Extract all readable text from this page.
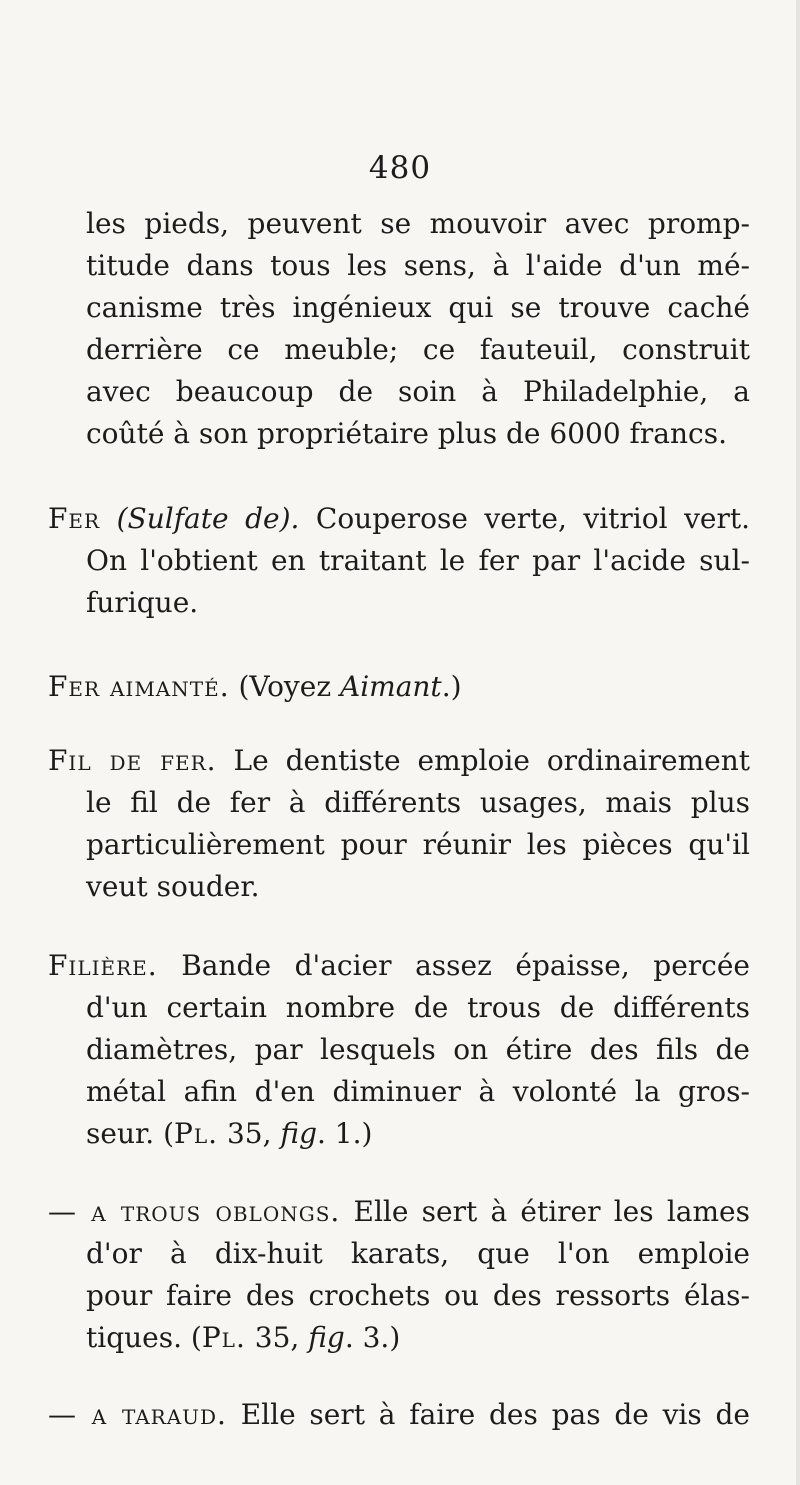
480
les pieds, peuvent se mouvoir avec promp-
titude dans tous les sens, à l'aide d'un mé-
canisme très ingénieux qui se trouve caché
derrière ce meuble; ce fauteuil, construit
avec beaucoup de soin à Philadelphie, a
coûté à son propriétaire plus de 6000 francs.
Fer (Sulfate de). Couperose verte, vitriol vert.
On l'obtient en traitant le fer par l'acide sul-
furique.
Fer aimanté. (Voyez Aimant.)
Fil de fer. Le dentiste emploie ordinairement
le fil de fer à différents usages, mais plus
particulièrement pour réunir les pièces qu'il
veut souder.
Filière. Bande d'acier assez épaisse, percée
d'un certain nombre de trous de différents
diamètres, par lesquels on étire des fils de
métal afin d'en diminuer à volonté la gros-
seur. (Pl. 35, fig. 1.)
— a trous oblongs. Elle sert à étirer les lames
d'or à dix-huit karats, que l'on emploie
pour faire des crochets ou des ressorts élas-
tiques. (Pl. 35, fig. 3.)
— a taraud. Elle sert à faire des pas de vis de
